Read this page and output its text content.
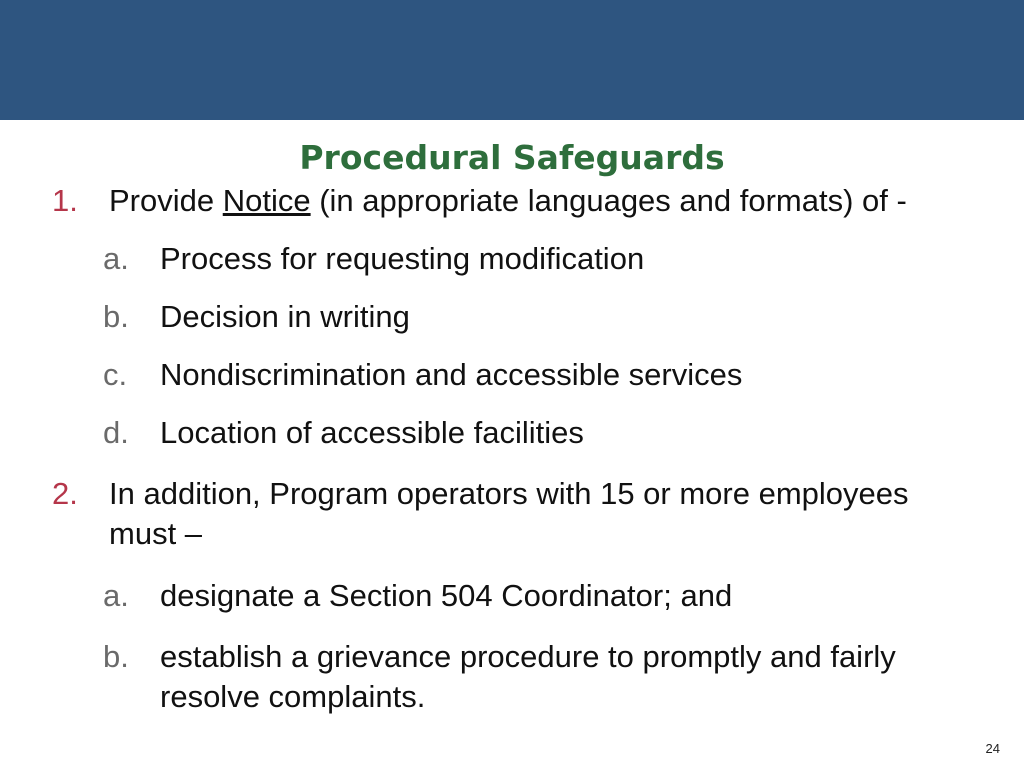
Procedural Safeguards
1. Provide Notice (in appropriate languages and formats) of -
a. Process for requesting modification
b. Decision in writing
c. Nondiscrimination and accessible services
d. Location of accessible facilities
2. In addition, Program operators with 15 or more employees
must –
a. designate a Section 504 Coordinator; and
b. establish a grievance procedure to promptly and fairly
resolve complaints.
24
